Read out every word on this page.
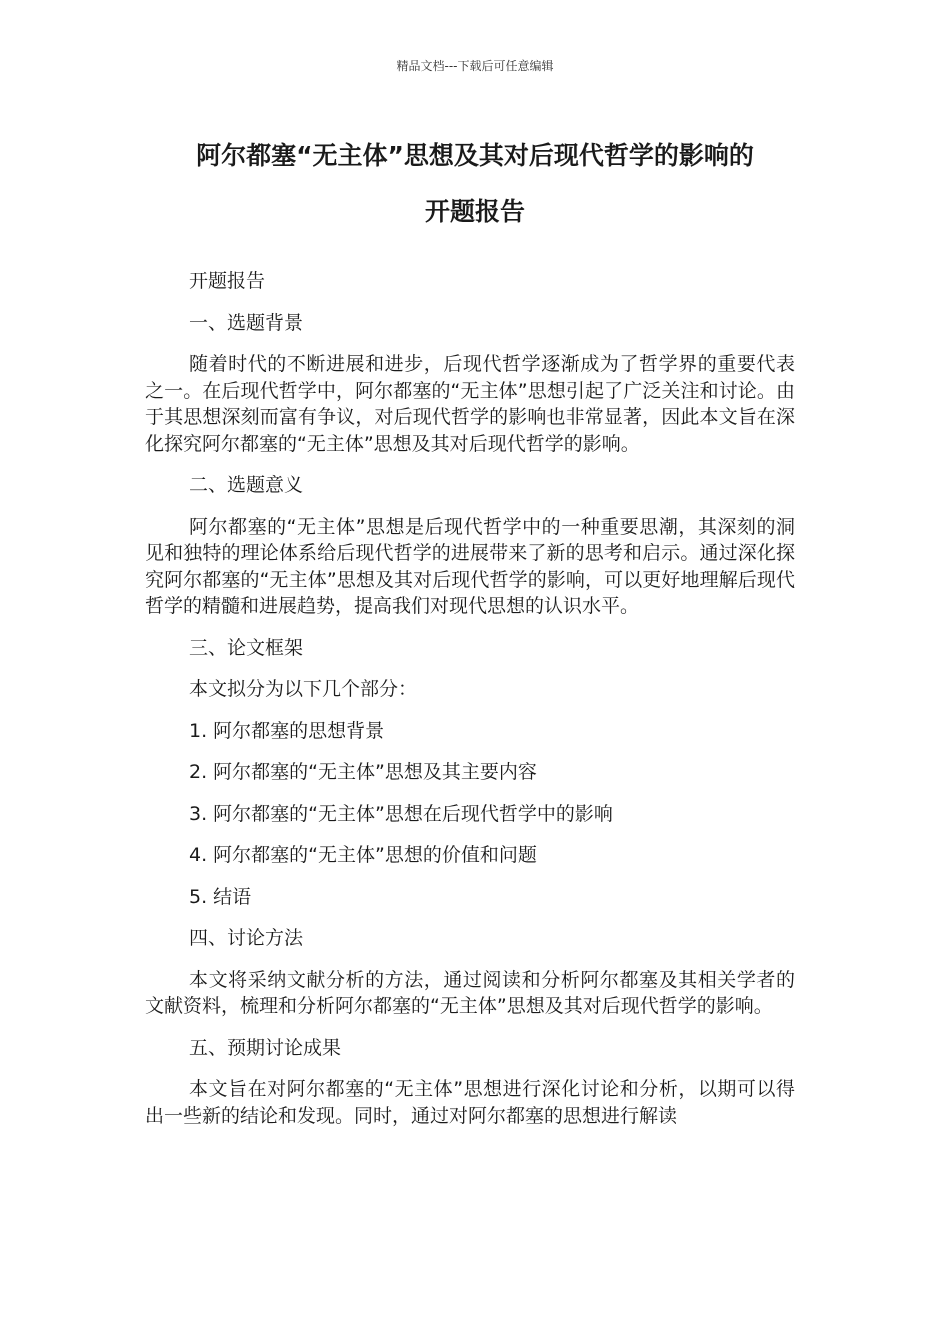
精品文档---下载后可任意编辑
阿尔都塞“无主体”思想及其对后现代哲学的影响的
开题报告

开题报告

一、选题背景

随着时代的不断进展和进步，后现代哲学逐渐成为了哲学界的重要代表之一。在后现代哲学中，阿尔都塞的“无主体”思想引起了广泛关注和讨论。由于其思想深刻而富有争议，对后现代哲学的影响也非常显著，因此本文旨在深化探究阿尔都塞的“无主体”思想及其对后现代哲学的影响。

二、选题意义

阿尔都塞的“无主体”思想是后现代哲学中的一种重要思潮，其深刻的洞见和独特的理论体系给后现代哲学的进展带来了新的思考和启示。通过深化探究阿尔都塞的“无主体”思想及其对后现代哲学的影响，可以更好地理解后现代哲学的精髓和进展趋势，提高我们对现代思想的认识水平。

三、论文框架

本文拟分为以下几个部分：

1. 阿尔都塞的思想背景

2. 阿尔都塞的“无主体”思想及其主要内容

3. 阿尔都塞的“无主体”思想在后现代哲学中的影响

4. 阿尔都塞的“无主体”思想的价值和问题

5. 结语

四、讨论方法

本文将采纳文献分析的方法，通过阅读和分析阿尔都塞及其相关学者的文献资料，梳理和分析阿尔都塞的“无主体”思想及其对后现代哲学的影响。

五、预期讨论成果

本文旨在对阿尔都塞的“无主体”思想进行深化讨论和分析，以期可以得出一些新的结论和发现。同时，通过对阿尔都塞的思想进行解读
